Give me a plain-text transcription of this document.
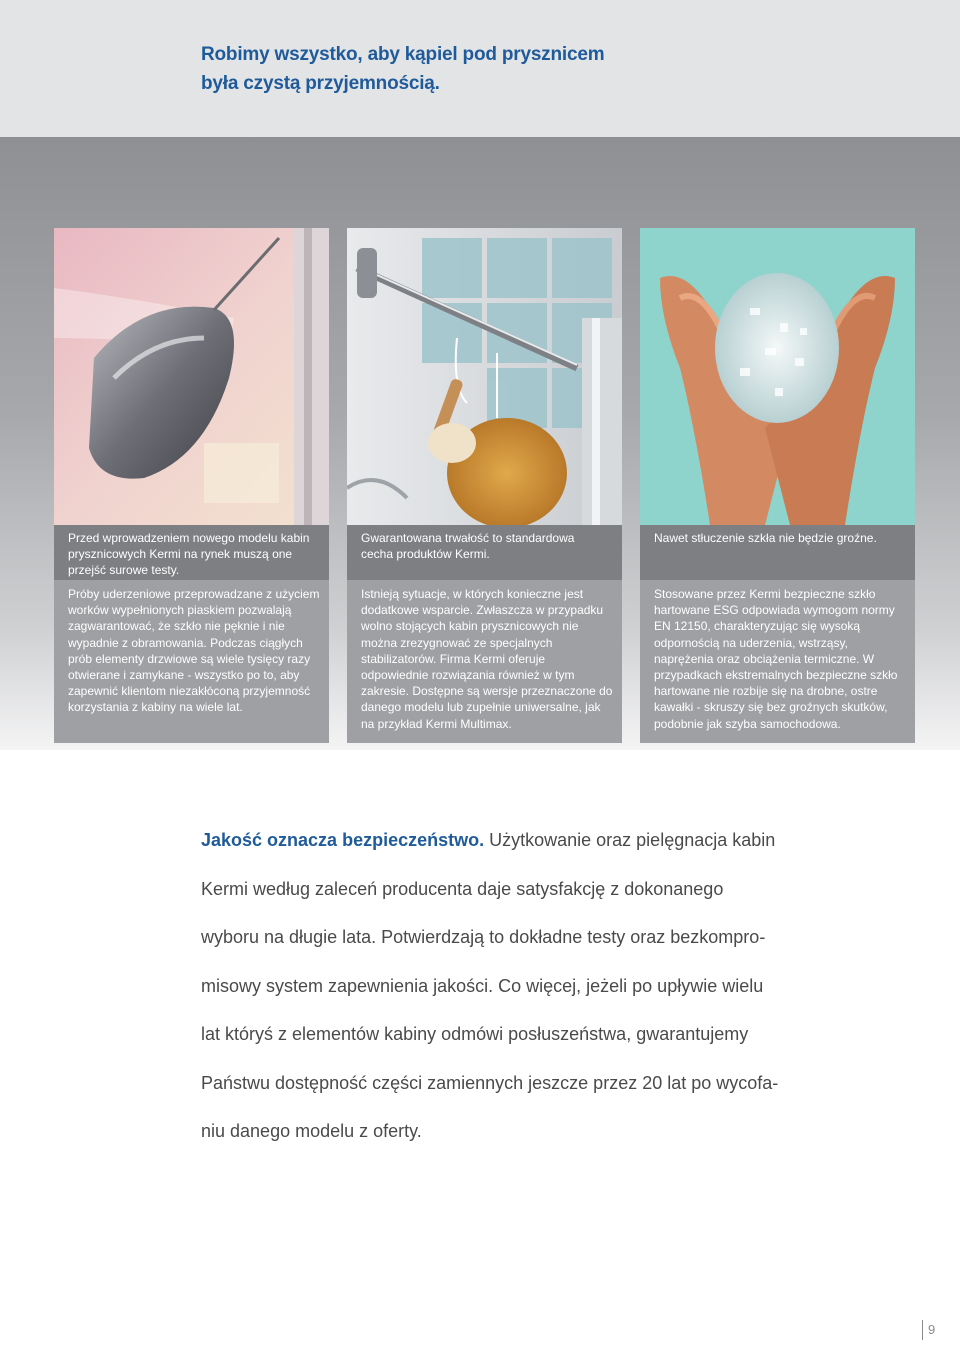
Robimy wszystko, aby kąpiel pod prysznicem
była czystą przyjemnością.

Przed wprowadzeniem nowego modelu kabin prysznicowych Kermi na rynek muszą one przejść surowe testy.

Próby uderzeniowe przeprowadzane z użyciem worków wypełnionych piaskiem pozwalają zagwarantować, że szkło nie pęknie i nie wypadnie z obramowania. Podczas ciągłych prób elementy drzwiowe są wiele tysięcy razy otwierane i zamykane - wszystko po to, aby zapewnić klientom niezakłóconą przyjemność korzystania z kabiny na wiele lat.

Gwarantowana trwałość to standardowa cecha produktów Kermi.

Istnieją sytuacje, w których konieczne jest dodatkowe wsparcie. Zwłaszcza w przypadku wolno stojących kabin prysznicowych nie można zrezygnować ze specjalnych stabilizatorów. Firma Kermi oferuje odpowiednie rozwiązania również w tym zakresie. Dostępne są wersje przeznaczone do danego modelu lub zupełnie uniwersalne, jak na przykład Kermi Multimax.

Nawet stłuczenie szkła nie będzie groźne.

Stosowane przez Kermi bezpieczne szkło hartowane ESG odpowiada wymogom normy EN 12150, charakteryzując się wysoką odpornością na uderzenia, wstrząsy, naprężenia oraz obciążenia termiczne. W przypadkach ekstremalnych bezpieczne szkło hartowane nie rozbije się na drobne, ostre kawałki - skruszy się bez groźnych skutków, podobnie jak szyba samochodowa.

Jakość oznacza bezpieczeństwo. Użytkowanie oraz pielęgnacja kabin
Kermi według zaleceń producenta daje satysfakcję z dokonanego
wyboru na długie lata. Potwierdzają to dokładne testy oraz bezkompro-
misowy system zapewnienia jakości. Co więcej, jeżeli po upływie wielu
lat któryś z elementów kabiny odmówi posłuszeństwa, gwarantujemy
Państwu dostępność części zamiennych jeszcze przez 20 lat po wycofa-
niu danego modelu z oferty.

9
